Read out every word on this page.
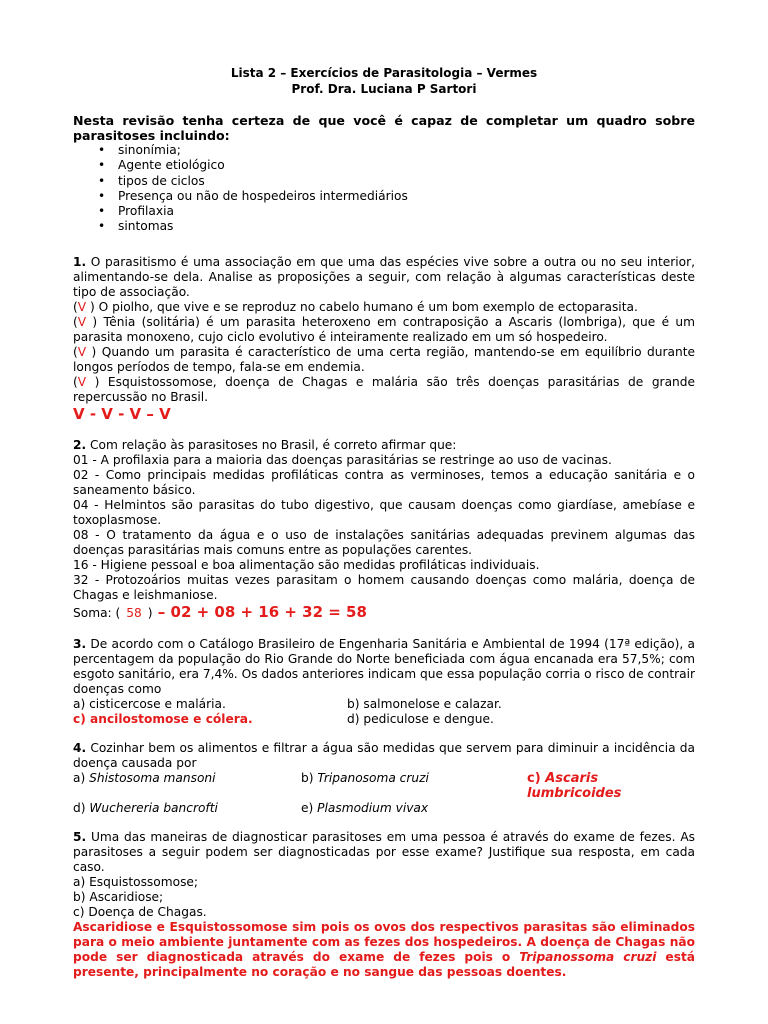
Lista 2 – Exercícios de Parasitologia – Vermes
Prof. Dra. Luciana P Sartori
Nesta revisão tenha certeza de que você é capaz de completar um quadro sobre parasitoses incluindo:
• sinonímia;
• Agente etiológico
• tipos de ciclos
• Presença ou não de hospedeiros intermediários
• Profilaxia
• sintomas
1. O parasitismo é uma associação em que uma das espécies vive sobre a outra ou no seu interior, alimentando-se dela. Analise as proposições a seguir, com relação à algumas características deste tipo de associação.
(V ) O piolho, que vive e se reproduz no cabelo humano é um bom exemplo de ectoparasita.
(V ) Tênia (solitária) é um parasita heteroxeno em contraposição a Ascaris (lombriga), que é um parasita monoxeno, cujo ciclo evolutivo é inteiramente realizado em um só hospedeiro.
(V ) Quando um parasita é característico de uma certa região, mantendo-se em equilíbrio durante longos períodos de tempo, fala-se em endemia.
(V ) Esquistossomose, doença de Chagas e malária são três doenças parasitárias de grande repercussão no Brasil.
V - V - V – V
2. Com relação às parasitoses no Brasil, é correto afirmar que:
01 - A profilaxia para a maioria das doenças parasitárias se restringe ao uso de vacinas.
02 - Como principais medidas profiláticas contra as verminoses, temos a educação sanitária e o saneamento básico.
04 - Helmintos são parasitas do tubo digestivo, que causam doenças como giardíase, amebíase e toxoplasmose.
08 - O tratamento da água e o uso de instalações sanitárias adequadas previnem algumas das doenças parasitárias mais comuns entre as populações carentes.
16 - Higiene pessoal e boa alimentação são medidas profiláticas individuais.
32 - Protozoários muitas vezes parasitam o homem causando doenças como malária, doença de Chagas e leishmaniose.
Soma: ( 58 ) – 02 + 08 + 16 + 32 = 58
3. De acordo com o Catálogo Brasileiro de Engenharia Sanitária e Ambiental de 1994 (17ª edição), a percentagem da população do Rio Grande do Norte beneficiada com água encanada era 57,5%; com esgoto sanitário, era 7,4%. Os dados anteriores indicam que essa população corria o risco de contrair doenças como
a) cisticercose e malária.	b) salmonelose e calazar.
c) ancilostomose e cólera.	d) pediculose e dengue.
4. Cozinhar bem os alimentos e filtrar a água são medidas que servem para diminuir a incidência da doença causada por
a) Shistosoma mansoni	b) Tripanosoma cruzi	c) Ascaris lumbricoides
d) Wuchereria bancrofti	e) Plasmodium vivax
5. Uma das maneiras de diagnosticar parasitoses em uma pessoa é através do exame de fezes. As parasitoses a seguir podem ser diagnosticadas por esse exame? Justifique sua resposta, em cada caso.
a) Esquistossomose;
b) Ascaridiose;
c) Doença de Chagas.
Ascaridiose e Esquistossomose sim pois os ovos dos respectivos parasitas são eliminados para o meio ambiente juntamente com as fezes dos hospedeiros. A doença de Chagas não pode ser diagnosticada através do exame de fezes pois o Tripanossoma cruzi está presente, principalmente no coração e no sangue das pessoas doentes.
